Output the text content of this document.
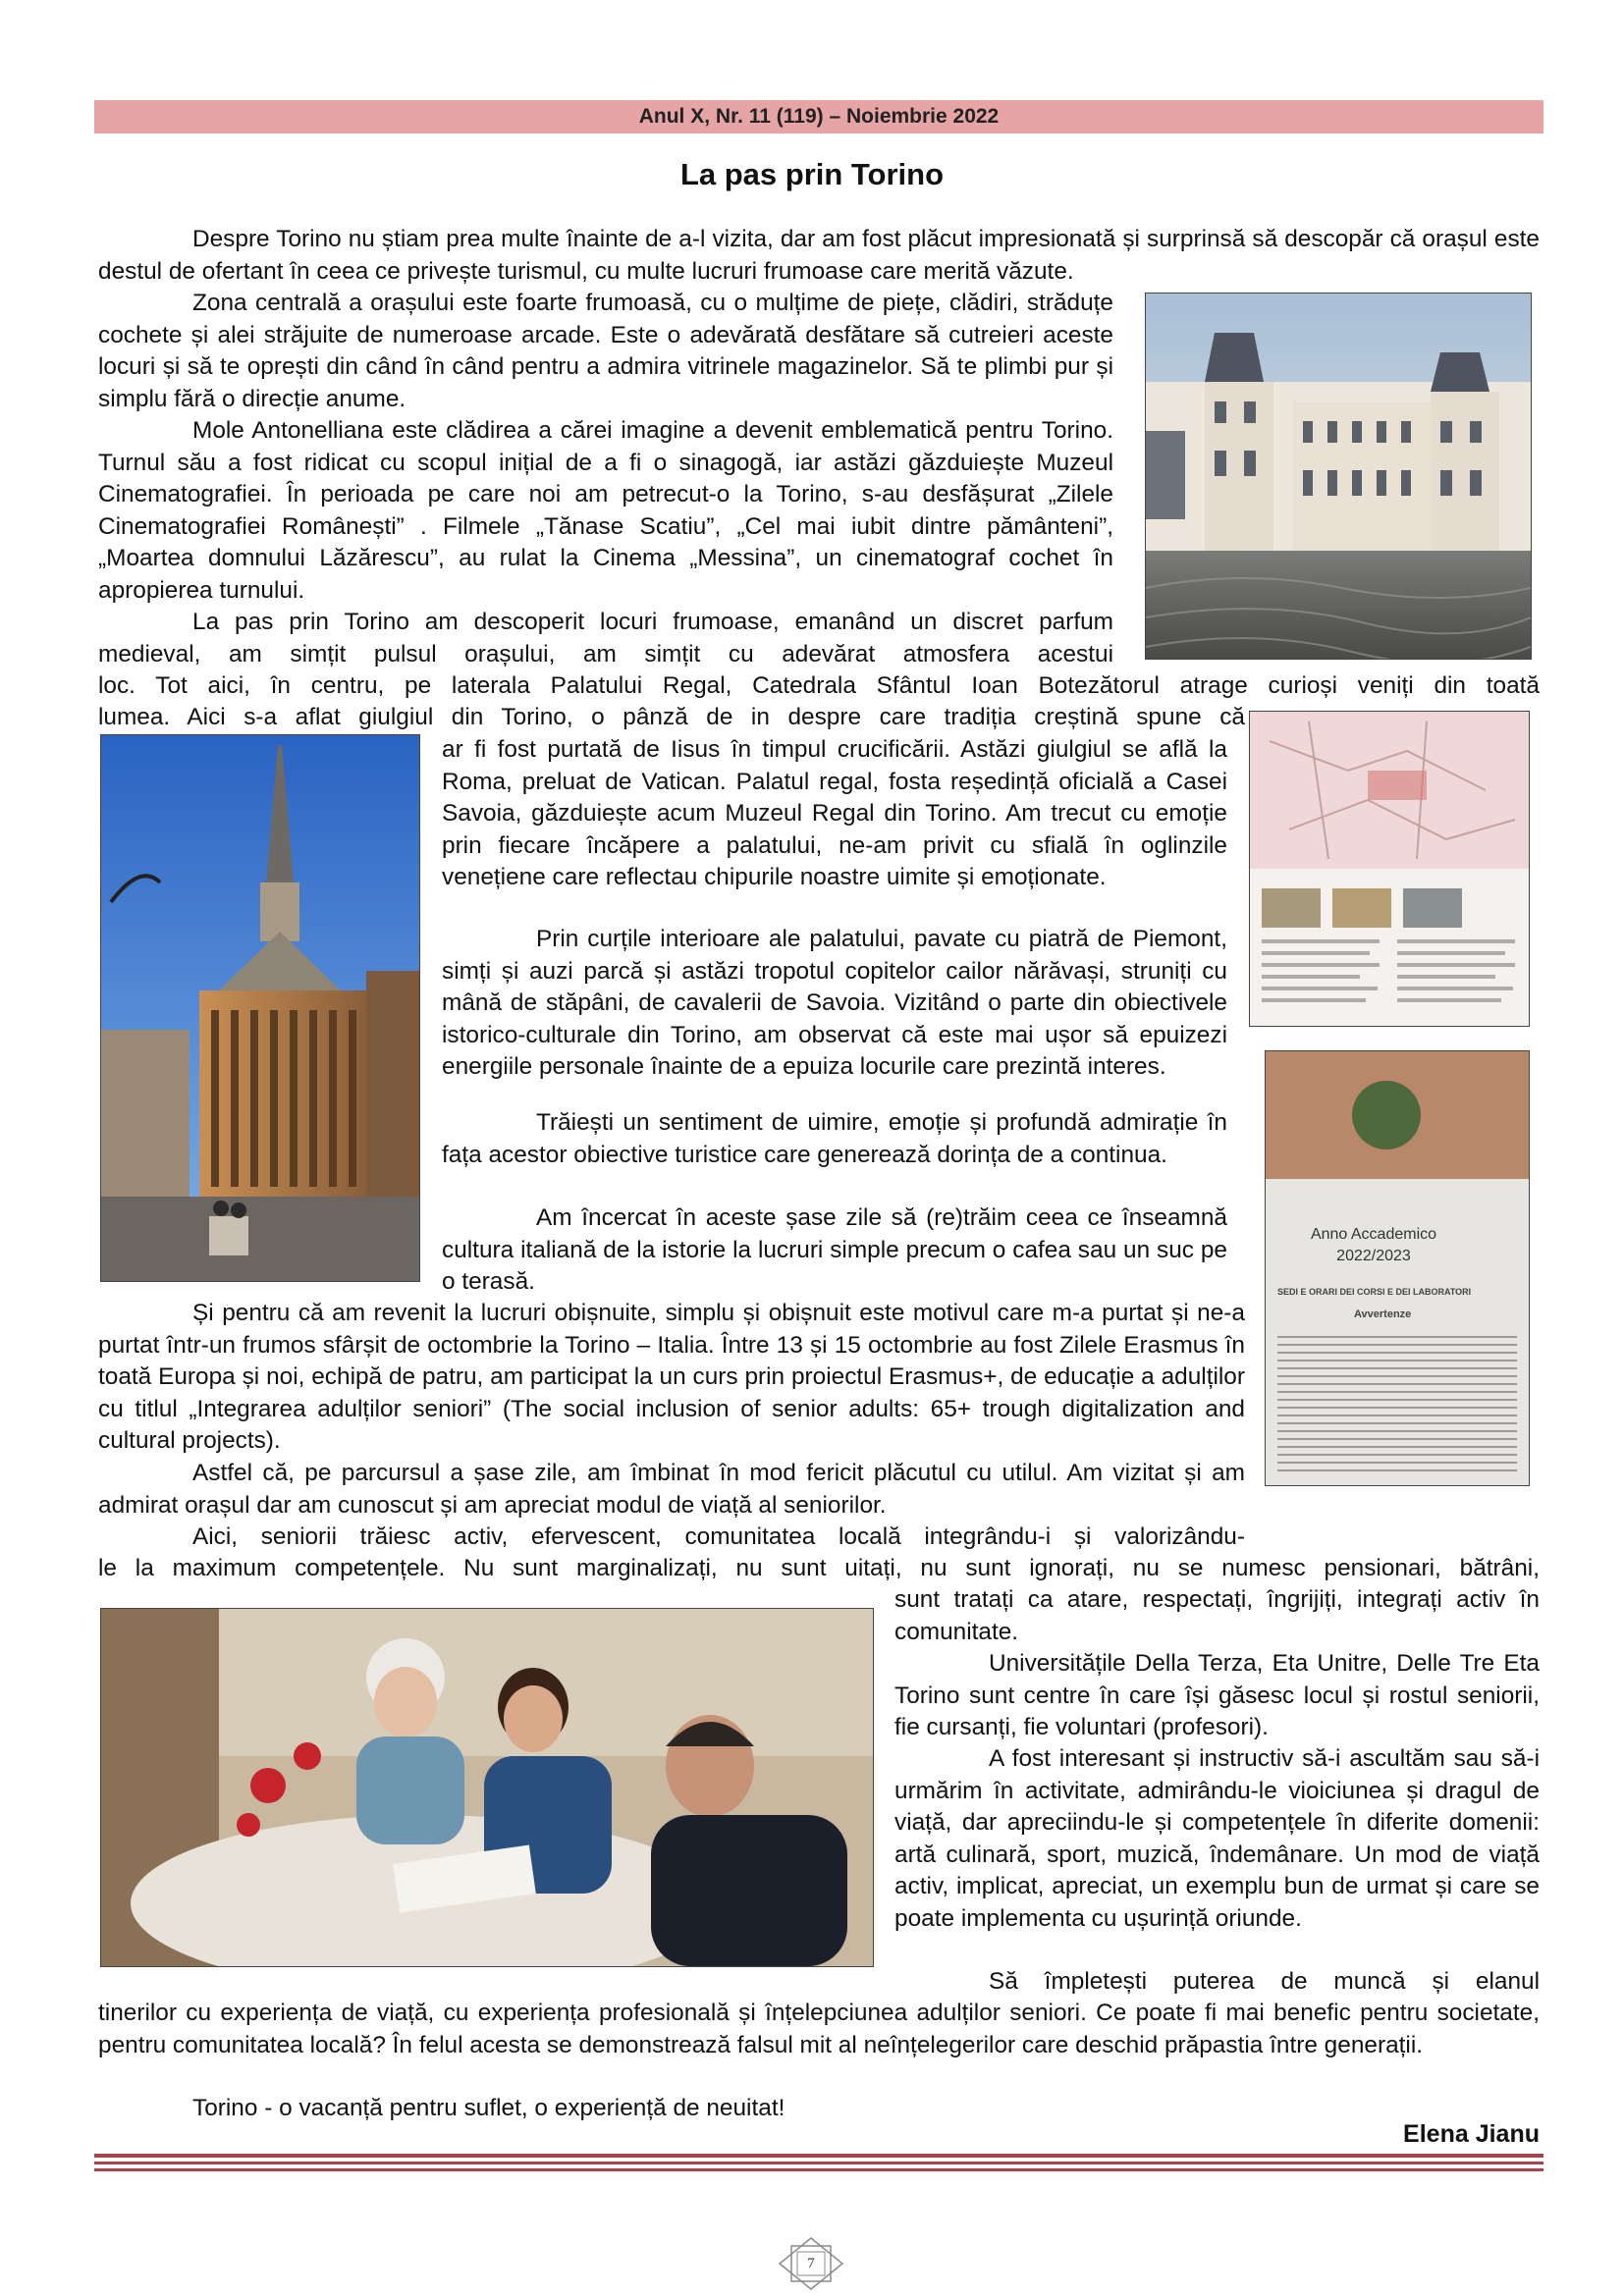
Anul X, Nr. 11 (119) – Noiembrie 2022
La pas prin Torino

Despre Torino nu știam prea multe înainte de a-l vizita, dar am fost plăcut impresionată și surprinsă să descopăr că orașul este destul de ofertant în ceea ce privește turismul, cu multe lucruri frumoase care merită văzute.

Zona centrală a orașului este foarte frumoasă, cu o mulțime de piețe, clădiri, străduțe cochete și alei străjuite de numeroase arcade. Este o adevărată desfătare să cutreieri aceste locuri și să te oprești din când în când pentru a admira vitrinele magazinelor. Să te plimbi pur și simplu fără o direcție anume.

Mole Antonelliana este clădirea a cărei imagine a devenit emblematică pentru Torino. Turnul său a fost ridicat cu scopul inițial de a fi o sinagogă, iar astăzi găzduiește Muzeul Cinematografiei. În perioada pe care noi am petrecut-o la Torino, s-au desfășurat „Zilele Cinematografiei Românești” . Filmele „Tănase Scatiu”, „Cel mai iubit dintre pământeni”, „Moartea domnului Lăzărescu”, au rulat la Cinema „Messina”, un cinematograf cochet în apropierea turnului.

La pas prin Torino am descoperit locuri frumoase, emanând un discret parfum medieval, am simțit pulsul orașului, am simțit cu adevărat atmosfera acestui

loc. Tot aici, în centru, pe laterala Palatului Regal, Catedrala Sfântul Ioan Botezătorul atrage curioși veniți din toată

lumea. Aici s-a aflat giulgiul din Torino, o pânză de in despre care tradiția creștină spune că

ar fi fost purtată de Iisus în timpul crucificării. Astăzi giulgiul se află la Roma, preluat de Vatican. Palatul regal, fosta reședință oficială a Casei Savoia, găzduiește acum Muzeul Regal din Torino. Am trecut cu emoție prin fiecare încăpere a palatului, ne-am privit cu sfială în oglinzile venețiene care reflectau chipurile noastre uimite și emoționate.

Prin curțile interioare ale palatului, pavate cu piatră de Piemont, simți și auzi parcă și astăzi tropotul copitelor cailor nărăvași, struniți cu mână de stăpâni, de cavalerii de Savoia. Vizitând o parte din obiectivele istorico-culturale din Torino, am observat că este mai ușor să epuizezi energiile personale înainte de a epuiza locurile care prezintă interes.

Anno Accademico
2022/2023
SEDI E ORARI DEI CORSI E DEI LABORATORI
Avvertenze

Trăiești un sentiment de uimire, emoție și profundă admirație în fața acestor obiective turistice care generează dorința de a continua.

Am încercat în aceste șase zile să (re)trăim ceea ce înseamnă cultura italiană de la istorie la lucruri simple precum o cafea sau un suc pe o terasă.

Și pentru că am revenit la lucruri obișnuite, simplu și obișnuit este motivul care m-a purtat și ne-a purtat într-un frumos sfârșit de octombrie la Torino – Italia. Între 13 și 15 octombrie au fost Zilele Erasmus în toată Europa și noi, echipă de patru, am participat la un curs prin proiectul Erasmus+, de educație a adulților cu titlul „Integrarea adulților seniori” (The social inclusion of senior adults: 65+ trough digitalization and cultural projects).

Astfel că, pe parcursul a șase zile, am îmbinat în mod fericit plăcutul cu utilul. Am vizitat și am admirat orașul dar am cunoscut și am apreciat modul de viață al seniorilor.

Aici, seniorii trăiesc activ, efervescent, comunitatea locală integrându-i și valorizându-

le la maximum competențele. Nu sunt marginalizați, nu sunt uitați, nu sunt ignorați, nu se numesc pensionari, bătrâni,

sunt tratați ca atare, respectați, îngrijiți, integrați activ în comunitate.

Universitățile Della Terza, Eta Unitre, Delle Tre Eta Torino sunt centre în care își găsesc locul și rostul seniorii, fie cursanți, fie voluntari (profesori).

A fost interesant și instructiv să-i ascultăm sau să-i urmărim în activitate, admirându-le vioiciunea și dragul de viață, dar apreciindu-le și competențele în diferite domenii: artă culinară, sport, muzică, îndemânare. Un mod de viață activ, implicat, apreciat, un exemplu bun de urmat și care se poate implementa cu ușurință oriunde.

Să împletești puterea de muncă și elanul

tinerilor cu experiența de viață, cu experiența profesională și înțelepciunea adulților seniori. Ce poate fi mai benefic pentru societate, pentru comunitatea locală? În felul acesta se demonstrează falsul mit al neînțelegerilor care deschid prăpastia între generații.

Torino - o vacanță pentru suflet, o experiență de neuitat!

Elena Jianu
7
